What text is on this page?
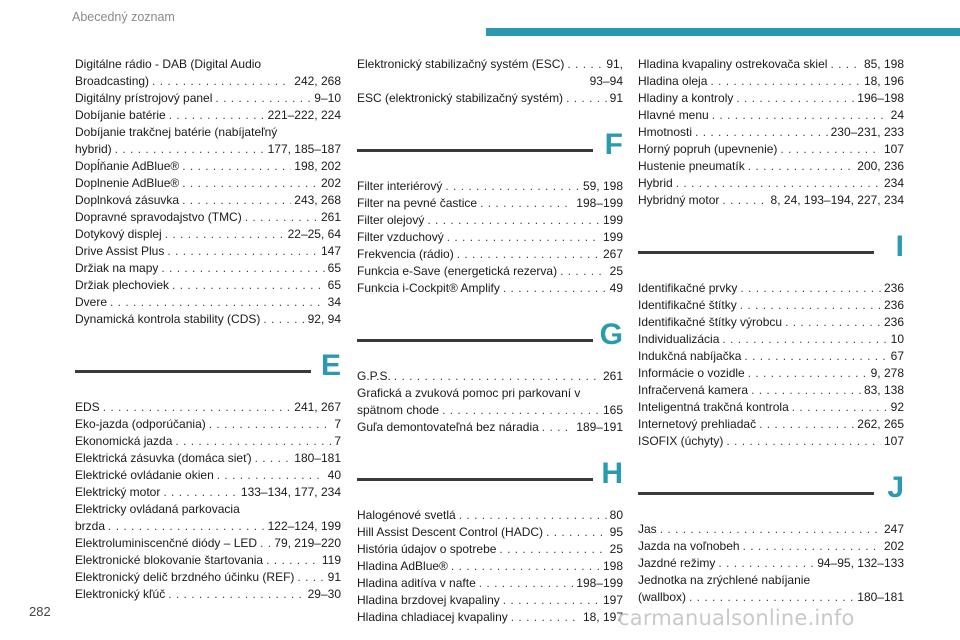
Abecedný zoznam
Digitálne rádio - DAB (Digital Audio
Broadcasting) . . .	242, 268
Digitálny prístrojový panel . . .	9–10
Dobíjanie batérie . . .	221–222, 224
Dobíjanie trakčnej batérie (nabíjateľný
hybrid) . . .	177, 185–187
Dopĺňanie AdBlue® . . .	198, 202
Doplnenie AdBlue® . . .	202
Doplnková zásuvka . . .	243, 268
Dopravné spravodajstvo (TMC) . . .	261
Dotykový displej . . .	22–25, 64
Drive Assist Plus . . .	147
Držiak na mapy . . .	65
Držiak plechoviek . . .	65
Dvere . . .	34
Dynamická kontrola stability (CDS) . . .	92, 94
E
EDS . . .	241, 267
Eko-jazda (odporúčania) . . .	7
Ekonomická jazda . . .	7
Elektrická zásuvka (domáca sieť) . . .	180–181
Elektrické ovládanie okien . . .	40
Elektrický motor . . .	133–134, 177, 234
Elektricky ovládaná parkovacia
brzda . . .	122–124, 199
Elektroluminiscenčné diódy – LED . . . 79, 219–220
Elektronické blokovanie štartovania . . .	119
Elektronický delič brzdného účinku (REF) . . .	91
Elektronický kľúč . . .	29–30
Elektronický stabilizačný systém (ESC) . . .	91,
93–94
ESC (elektronický stabilizačný systém) . . .	91
F
Filter interiérový . . .	59, 198
Filter na pevné častice . . .	198–199
Filter olejový . . .	199
Filter vzduchový . . .	199
Frekvencia (rádio) . . .	267
Funkcia e-Save (energetická rezerva) . . .	25
Funkcia i-Cockpit® Amplify . . .	49
G
G.P.S. . . .	261
Grafická a zvuková pomoc pri parkovaní v
spätnom chode . . .	165
Guľa demontovateľná bez náradia . . .	189–191
H
Halogénové svetlá . . .	80
Hill Assist Descent Control (HADC) . . .	95
História údajov o spotrebe . . .	25
Hladina AdBlue® . . .	198
Hladina aditíva v nafte . . .	198–199
Hladina brzdovej kvapaliny . . .	197
Hladina chladiacej kvapaliny . . .	18, 197
Hladina kvapaliny ostrekovača skiel . . .	85, 198
Hladina oleja . . .	18, 196
Hladiny a kontroly . . .	196–198
Hlavné menu . . .	24
Hmotnosti . . .	230–231, 233
Horný popruh (upevnenie) . . .	107
Hustenie pneumatík . . .	200, 236
Hybrid . . .	234
Hybridný motor . . .	8, 24, 193–194, 227, 234
I
Identifikačné prvky . . .	236
Identifikačné štítky . . .	236
Identifikačné štítky výrobcu . . .	236
Individualizácia . . .	10
Indukčná nabíjačka . . .	67
Informácie o vozidle . . .	9, 278
Infračervená kamera . . .	83, 138
Inteligentná trakčná kontrola . . .	92
Internetový prehliadač . . .	262, 265
ISOFIX (úchyty) . . .	107
J
Jas . . .	247
Jazda na voľnobeh . . .	202
Jazdné režimy . . .	94–95, 132–133
Jednotka na zrýchlené nabíjanie
(wallbox) . . .	180–181
282	carmanualsonline.info
